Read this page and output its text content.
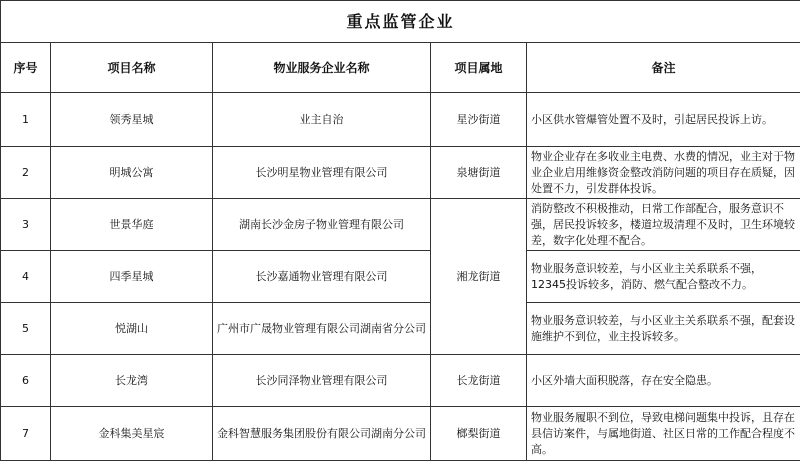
重点监管企业				
序号	项目名称	物业服务企业名称	项目属地	备注
1	领秀星城	业主自治	星沙街道	小区供水管爆管处置不及时，引起居民投诉上访。
2	明城公寓	长沙明星物业管理有限公司	泉塘街道	物业企业存在多收业主电费、水费的情况，业主对于物业企业启用维修资金整改消防问题的项目存在质疑，因处置不力，引发群体投诉。
3	世景华庭	湖南长沙金房子物业管理有限公司	湘龙街道	消防整改不积极推动，日常工作部配合，服务意识不强，居民投诉较多，楼道垃圾清理不及时，卫生环境较差，数字化处理不配合。
4	四季星城	长沙嘉通物业管理有限公司		物业服务意识较差，与小区业主关系联系不强，12345投诉较多，消防、燃气配合整改不力。
5	悦湖山	广州市广晟物业管理有限公司湖南省分公司		物业服务意识较差，与小区业主关系联系不强，配套设施维护不到位，业主投诉较多。
6	长龙湾	长沙同泽物业管理有限公司	长龙街道	小区外墙大面积脱落，存在安全隐患。
7	金科集美星宸	金科智慧服务集团股份有限公司湖南分公司	榔梨街道	物业服务履职不到位，导致电梯问题集中投诉，且存在县信访案件，与属地街道、社区日常的工作配合程度不高。
